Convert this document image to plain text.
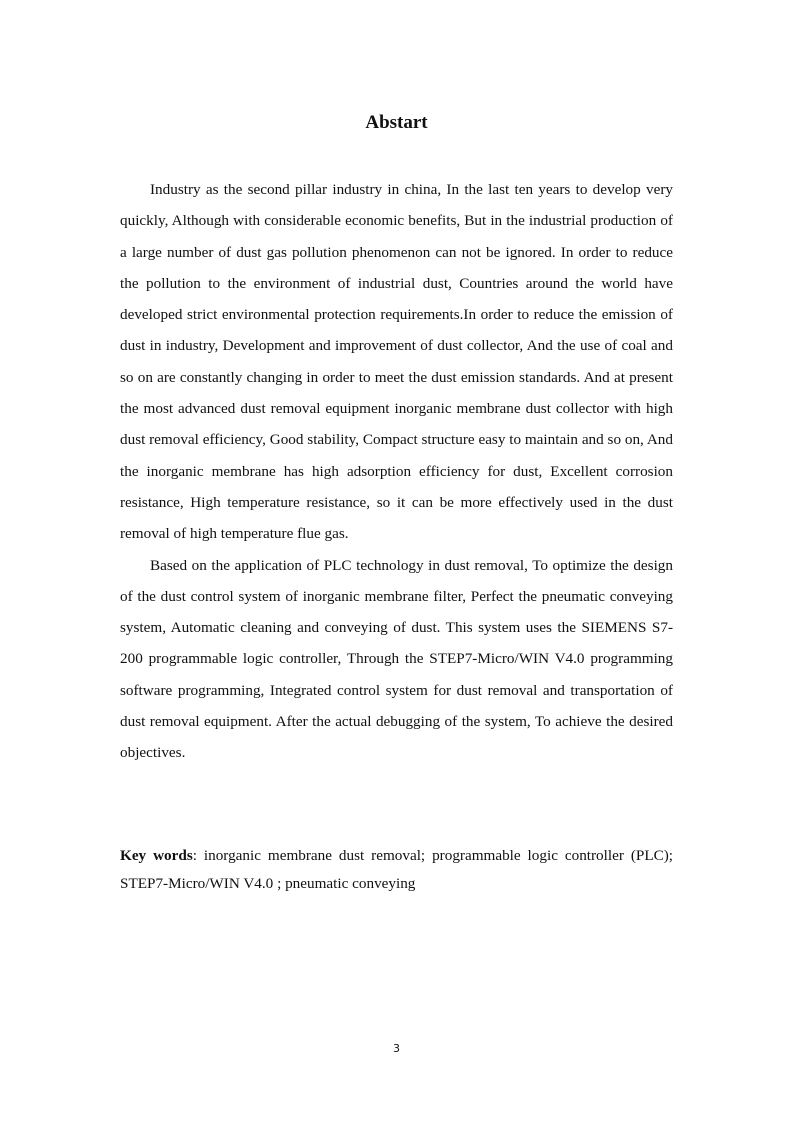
Abstart

Industry as the second pillar industry in china, In the last ten years to develop very quickly, Although with considerable economic benefits, But in the industrial production of a large number of dust gas pollution phenomenon can not be ignored. In order to reduce the pollution to the environment of industrial dust, Countries around the world have developed strict environmental protection requirements.In order to reduce the emission of dust in industry, Development and improvement of dust collector, And the use of coal and so on are constantly changing in order to meet the dust emission standards. And at present the most advanced dust removal equipment inorganic membrane dust collector with high dust removal efficiency, Good stability, Compact structure easy to maintain and so on, And the inorganic membrane has high adsorption efficiency for dust, Excellent corrosion resistance, High temperature resistance, so it can be more effectively used in the dust removal of high temperature flue gas.

Based on the application of PLC technology in dust removal, To optimize the design of the dust control system of inorganic membrane filter, Perfect the pneumatic conveying system, Automatic cleaning and conveying of dust. This system uses the SIEMENS S7-200 programmable logic controller, Through the STEP7-Micro/WIN V4.0 programming software programming, Integrated control system for dust removal and transportation of dust removal equipment. After the actual debugging of the system, To achieve the desired objectives.

Key words: inorganic membrane dust removal; programmable logic controller (PLC); STEP7-Micro/WIN V4.0 ; pneumatic conveying
3
